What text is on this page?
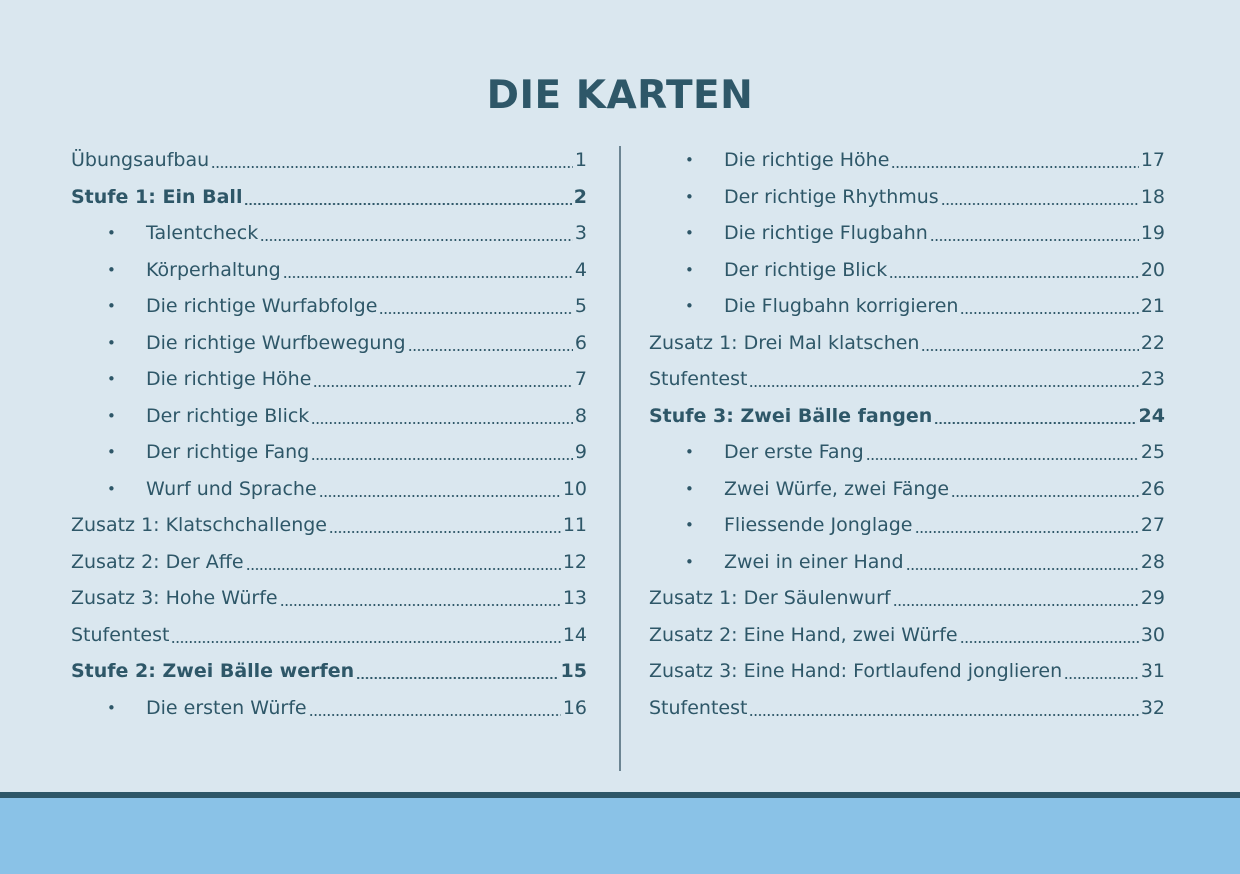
DIE KARTEN
Übungsaufbau	1
Stufe 1: Ein Ball	2
•	Talentcheck	3
•	Körperhaltung	4
•	Die richtige Wurfabfolge	5
•	Die richtige Wurfbewegung	6
•	Die richtige Höhe	7
•	Der richtige Blick	8
•	Der richtige Fang	9
•	Wurf und Sprache	10
Zusatz 1: Klatschchallenge	11
Zusatz 2: Der Affe	12
Zusatz 3: Hohe Würfe	13
Stufentest	14
Stufe 2: Zwei Bälle werfen	15
•	Die ersten Würfe	16
•	Die richtige Höhe	17
•	Der richtige Rhythmus	18
•	Die richtige Flugbahn	19
•	Der richtige Blick	20
•	Die Flugbahn korrigieren	21
Zusatz 1: Drei Mal klatschen	22
Stufentest	23
Stufe 3: Zwei Bälle fangen	24
•	Der erste Fang	25
•	Zwei Würfe, zwei Fänge	26
•	Fliessende Jonglage	27
•	Zwei in einer Hand	28
Zusatz 1: Der Säulenwurf	29
Zusatz 2: Eine Hand, zwei Würfe	30
Zusatz 3: Eine Hand: Fortlaufend jonglieren	31
Stufentest	32
